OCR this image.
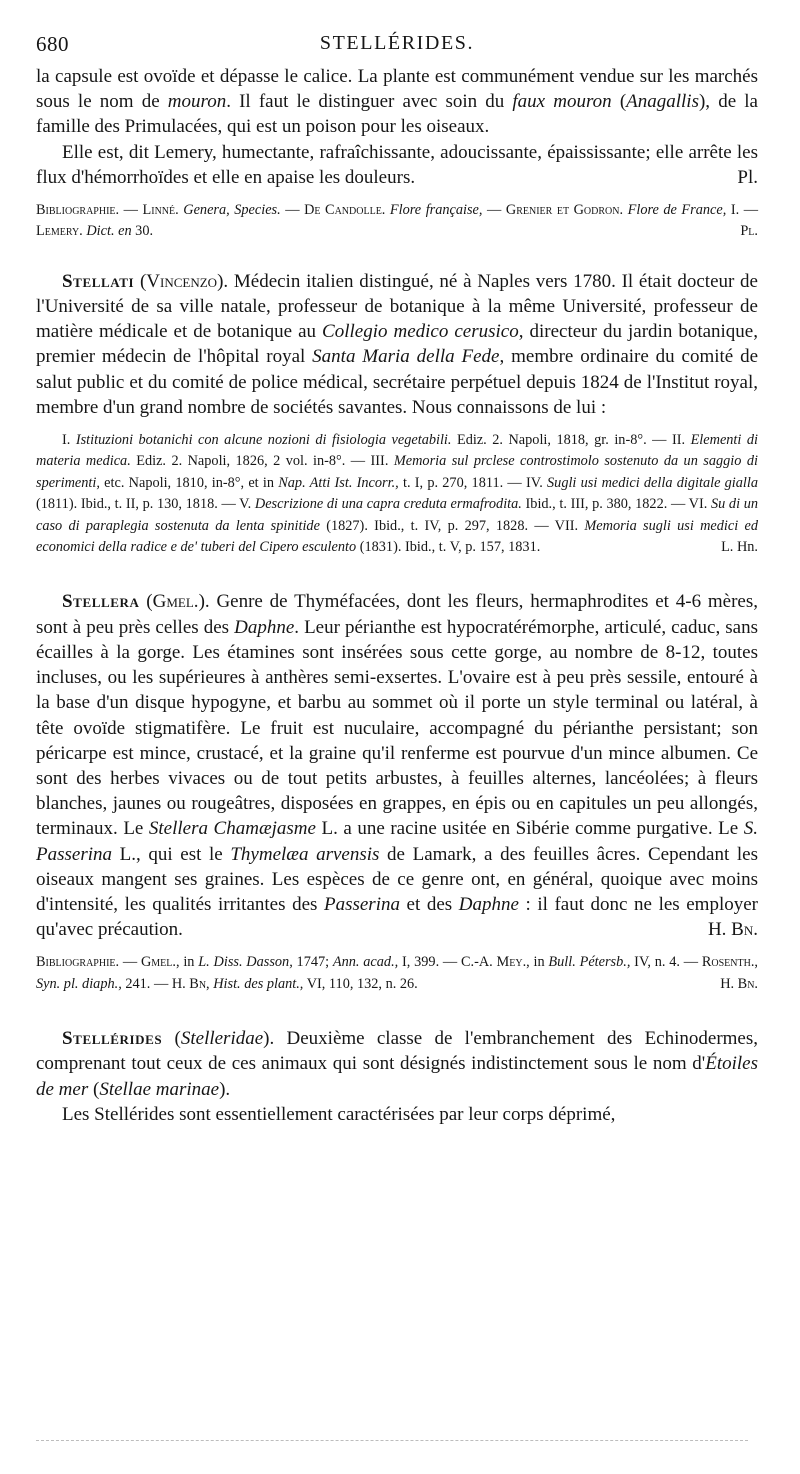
680	STELLÉRIDES.

la capsule est ovoïde et dépasse le calice. La plante est communément vendue sur les marchés sous le nom de mouron. Il faut le distinguer avec soin du faux mouron (Anagallis), de la famille des Primulacées, qui est un poison pour les oiseaux.

Elle est, dit Lemery, humectante, rafraîchissante, adoucissante, épaississante; elle arrête les flux d'hémorrhoïdes et elle en apaise les douleurs.	Pl.

Bibliographie. — Linné. Genera, Species. — De Candolle. Flore française, — Grenier et Godron. Flore de France, I. — Lemery. Dict. en 30.	Pl.

Stellati (Vincenzo). Médecin italien distingué, né à Naples vers 1780. Il était docteur de l'Université de sa ville natale, professeur de botanique à la même Université, professeur de matière médicale et de botanique au Collegio medico cerusico, directeur du jardin botanique, premier médecin de l'hôpital royal Santa Maria della Fede, membre ordinaire du comité de salut public et du comité de police médical, secrétaire perpétuel depuis 1824 de l'Institut royal, membre d'un grand nombre de sociétés savantes. Nous connaissons de lui :

I. Istituzioni botanichi con alcune nozioni di fisiologia vegetabili. Ediz. 2. Napoli, 1818, gr. in-8°. — II. Elementi di materia medica. Ediz. 2. Napoli, 1826, 2 vol. in-8°. — III. Memoria sul prclese controstimolo sostenuto da un saggio di sperimenti, etc. Napoli, 1810, in-8°, et in Nap. Atti Ist. Incorr., t. I, p. 270, 1811. — IV. Sugli usi medici della digitale gialla (1811). Ibid., t. II, p. 130, 1818. — V. Descrizione di una capra creduta ermafrodita. Ibid., t. III, p. 380, 1822. — VI. Su di un caso di paraplegia sostenuta da lenta spinitide (1827). Ibid., t. IV, p. 297, 1828. — VII. Memoria sugli usi medici ed economici della radice e de' tuberi del Cipero esculento (1831). Ibid., t. V, p. 157, 1831.	L. Hn.

Stellera (Gmel.). Genre de Thyméfacées, dont les fleurs, hermaphrodites et 4-6 mères, sont à peu près celles des Daphne. Leur périanthe est hypocratérémorphe, articulé, caduc, sans écailles à la gorge. Les étamines sont insérées sous cette gorge, au nombre de 8-12, toutes incluses, ou les supérieures à anthères semi-exsertes. L'ovaire est à peu près sessile, entouré à la base d'un disque hypogyne, et barbu au sommet où il porte un style terminal ou latéral, à tête ovoïde stigmatifère. Le fruit est nuculaire, accompagné du périanthe persistant; son péricarpe est mince, crustacé, et la graine qu'il renferme est pourvue d'un mince albumen. Ce sont des herbes vivaces ou de tout petits arbustes, à feuilles alternes, lancéolées; à fleurs blanches, jaunes ou rougeâtres, disposées en grappes, en épis ou en capitules un peu allongés, terminaux. Le Stellera Chamæjasme L. a une racine usitée en Sibérie comme purgative. Le S. Passerina L., qui est le Thymelæa arvensis de Lamark, a des feuilles âcres. Cependant les oiseaux mangent ses graines. Les espèces de ce genre ont, en général, quoique avec moins d'intensité, les qualités irritantes des Passerina et des Daphne : il faut donc ne les employer qu'avec précaution.	H. Bn.

Bibliographie. — Gmel., in L. Diss. Dasson, 1747; Ann. acad., I, 399. — C.-A. Mey., in Bull. Pétersb., IV, n. 4. — Rosenth., Syn. pl. diaph., 241. — H. Bn, Hist. des plant., VI, 110, 132, n. 26.	H. Bn.

Stellérides (Stelleridae). Deuxième classe de l'embranchement des Echinodermes, comprenant tout ceux de ces animaux qui sont désignés indistinctement sous le nom d'Étoiles de mer (Stellae marinae).

Les Stellérides sont essentiellement caractérisées par leur corps déprimé,
